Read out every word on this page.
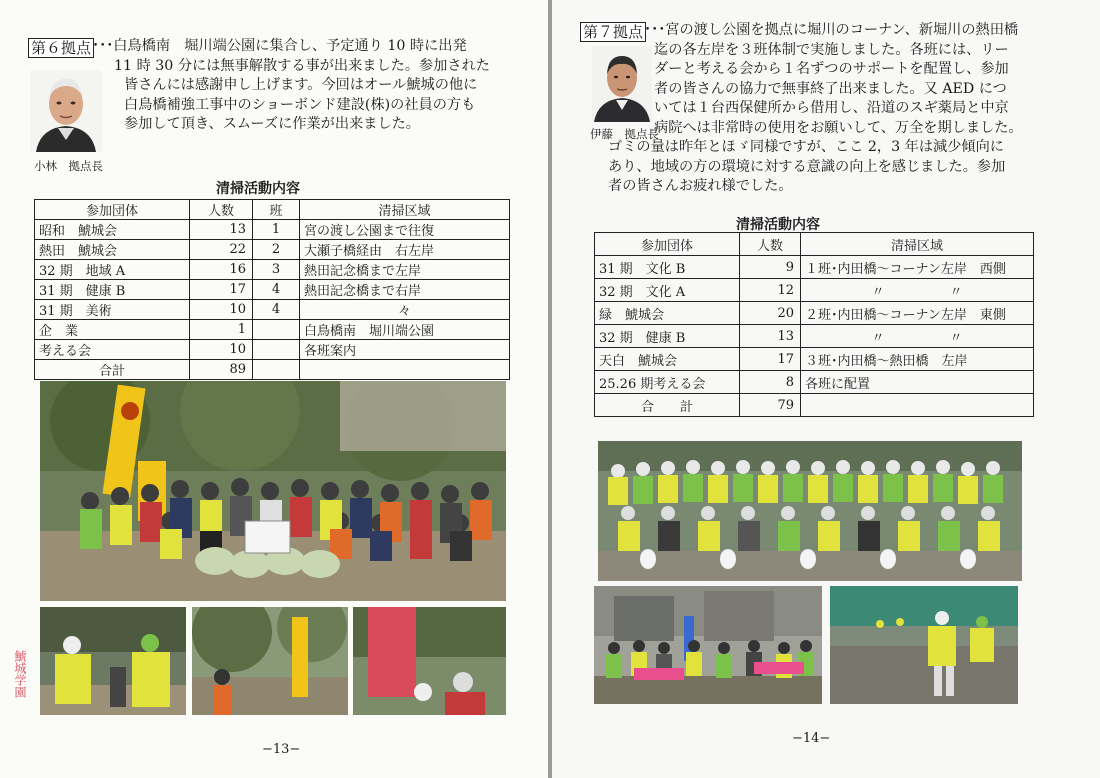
第６拠点 ･･･白鳥橋南　堀川端公園に集合し、予定通り 10 時に出発
11 時 30 分には無事解散する事が出来ました。参加された
皆さんには感謝申し上げます。今回はオール鯱城の他に
白鳥橋補強工事中のショーボンド建設(株)の社員の方も
参加して頂き、スムーズに作業が出来ました。
小林　拠点長
清掃活動内容
参加団体	人数	班	清掃区域
昭和　鯱城会	13	1	宮の渡し公園まで往復
熱田　鯱城会	22	2	大瀬子橋経由　右左岸
32 期　地域 A	16	3	熱田記念橋まで左岸
31 期　健康 B	17	4	熱田記念橋まで右岸
31 期　美術	10	4	々
企　業	1		白鳥橋南　堀川端公園
考える会	10		各班案内
合計	89		
鯱城学園
−13−
第７拠点 ･･･宮の渡し公園を拠点に堀川のコーナン、新堀川の熱田橋
迄の各左岸を３班体制で実施しました。各班には、リー
ダーと考える会から１名ずつのサポートを配置し、参加
者の皆さんの協力で無事終了出来ました。又 AED につ
いては１台西保健所から借用し、沿道のスギ薬局と中京
病院へは非常時の使用をお願いして、万全を期しました。
ゴミの量は昨年とほゞ同様ですが、ここ 2，3 年は減少傾向に
あり、地域の方の環境に対する意識の向上を感じました。参加
者の皆さんお疲れ様でした。
伊藤　拠点長
清掃活動内容
参加団体	人数	清掃区域
31 期　文化 B	9	１班･内田橋～コーナン左岸　西側
32 期　文化 A	12	〃　　　　　〃
緑　鯱城会	20	２班･内田橋～コーナン左岸　東側
32 期　健康 B	13	〃　　　　　〃
天白　鯱城会	17	３班･内田橋～熱田橋　左岸
25.26 期考える会	8	各班に配置
合　　計	79	
−14−
